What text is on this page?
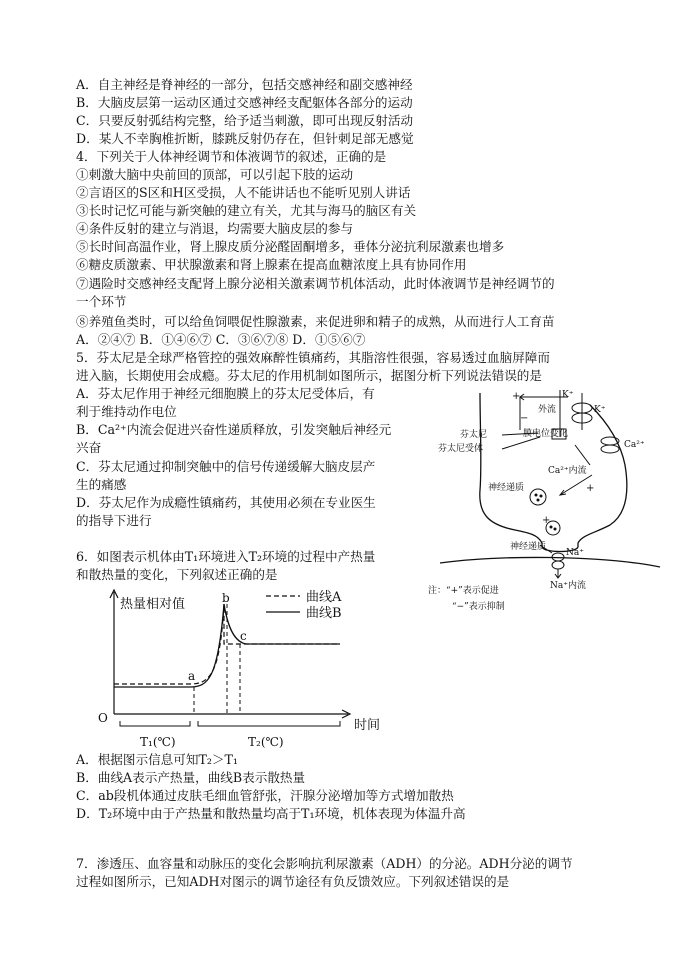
A．自主神经是脊神经的一部分，包括交感神经和副交感神经
B．大脑皮层第一运动区通过交感神经支配躯体各部分的运动
C．只要反射弧结构完整，给予适当刺激，即可出现反射活动
D．某人不幸胸椎折断，膝跳反射仍存在，但针刺足部无感觉
4．下列关于人体神经调节和体液调节的叙述，正确的是
①刺激大脑中央前回的顶部，可以引起下肢的运动
②言语区的S区和H区受损，人不能讲话也不能听见别人讲话
③长时记忆可能与新突触的建立有关，尤其与海马的脑区有关
④条件反射的建立与消退，均需要大脑皮层的参与
⑤长时间高温作业，肾上腺皮质分泌醛固酮增多，垂体分泌抗利尿激素也增多
⑥糖皮质激素、甲状腺激素和肾上腺素在提高血糖浓度上具有协同作用
⑦遇险时交感神经支配肾上腺分泌相关激素调节机体活动，此时体液调节是神经调节的
一个环节
⑧养殖鱼类时，可以给鱼饲喂促性腺激素，来促进卵和精子的成熟，从而进行人工育苗
A．②④⑦ B．①④⑥⑦ C．③⑥⑦⑧ D．①⑤⑥⑦
5．芬太尼是全球严格管控的强效麻醉性镇痛药，其脂溶性很强，容易透过血脑屏障而
进入脑，长期使用会成瘾。芬太尼的作用机制如图所示，据图分析下列说法错误的是
A．芬太尼作用于神经元细胞膜上的芬太尼受体后，有
利于维持动作电位
B．Ca²⁺内流会促进兴奋性递质释放，引发突触后神经元
兴奋
C．芬太尼通过抑制突触中的信号传递缓解大脑皮层产
生的痛感
D．芬太尼作为成瘾性镇痛药，其使用必须在专业医生
的指导下进行
K⁺
外流	K⁺
膜电位变化
芬太尼
芬太尼受体	Ca²⁺
Ca²⁺内流
神经递质
神经递质
Na⁺
Na⁺内流
+
−
+
+
注：“+”表示促进
“−”表示抑制
6．如图表示机体由T₁环境进入T₂环境的过程中产热量
和散热量的变化，下列叙述正确的是
曲线A
曲线B
热量相对值
O	时间
a
b
c
T₁(℃)	T₂(℃)
A．根据图示信息可知T₂＞T₁
B．曲线A表示产热量，曲线B表示散热量
C．ab段机体通过皮肤毛细血管舒张，汗腺分泌增加等方式增加散热
D．T₂环境中由于产热量和散热量均高于T₁环境，机体表现为体温升高
7．渗透压、血容量和动脉压的变化会影响抗利尿激素（ADH）的分泌。ADH分泌的调节
过程如图所示，已知ADH对图示的调节途径有负反馈效应。下列叙述错误的是
